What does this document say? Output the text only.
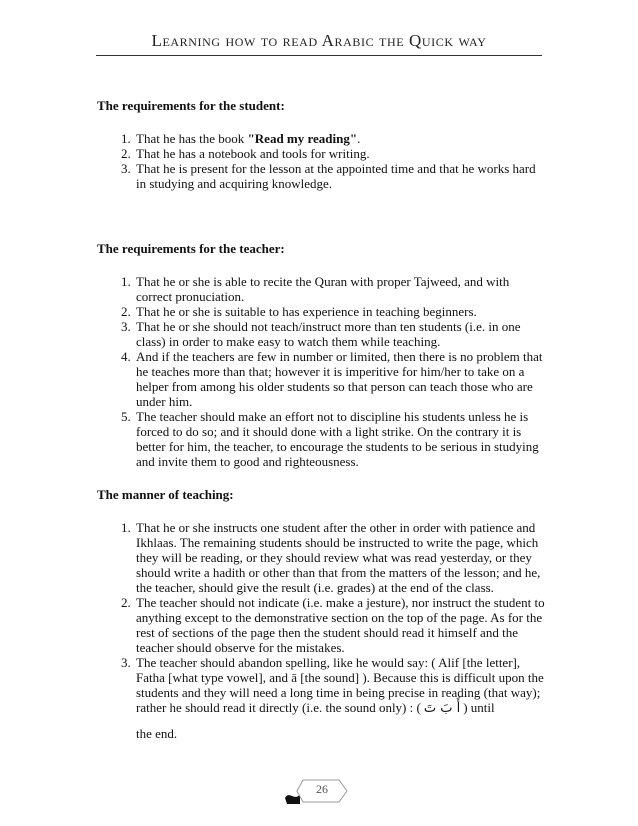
Learning how to read Arabic the Quick way

The requirements for the student:

1. That he has the book "Read my reading".
2. That he has a notebook and tools for writing.
3. That he is present for the lesson at the appointed time and that he works hard in studying and acquiring knowledge.

The requirements for the teacher:

1. That he or she is able to recite the Quran with proper Tajweed, and with correct pronuciation.
2. That he or she is suitable to has experience in teaching beginners.
3. That he or she should not teach/instruct more than ten students (i.e. in one class) in order to make easy to watch them while teaching.
4. And if the teachers are few in number or limited, then there is no problem that he teaches more than that; however it is imperitive for him/her to take on a helper from among his older students so that person can teach those who are under him.
5. The teacher should make an effort not to discipline his students unless he is forced to do so; and it should done with a light strike. On the contrary it is better for him, the teacher, to encourage the students to be serious in studying and invite them to good and righteousness.

The manner of teaching:

1. That he or she instructs one student after the other in order with patience and Ikhlaas. The remaining students should be instructed to write the page, which they will be reading, or they should review what was read yesterday, or they should write a hadith or other than that from the matters of the lesson; and he, the teacher, should give the result (i.e. grades) at the end of the class.
2. The teacher should not indicate (i.e. make a jesture), nor instruct the student to anything except to the demonstrative section on the top of the page. As for the rest of sections of the page then the student should read it himself and the teacher should observe for the mistakes.
3. The teacher should abandon spelling, like he would say: ( Alif [the letter], Fatha [what type vowel], and ā [the sound] ). Because this is difficult upon the students and they will need a long time in being precise in reading (that way); rather he should read it directly (i.e. the sound only) : ( أَ بَ تَ ) until
the end.
26
